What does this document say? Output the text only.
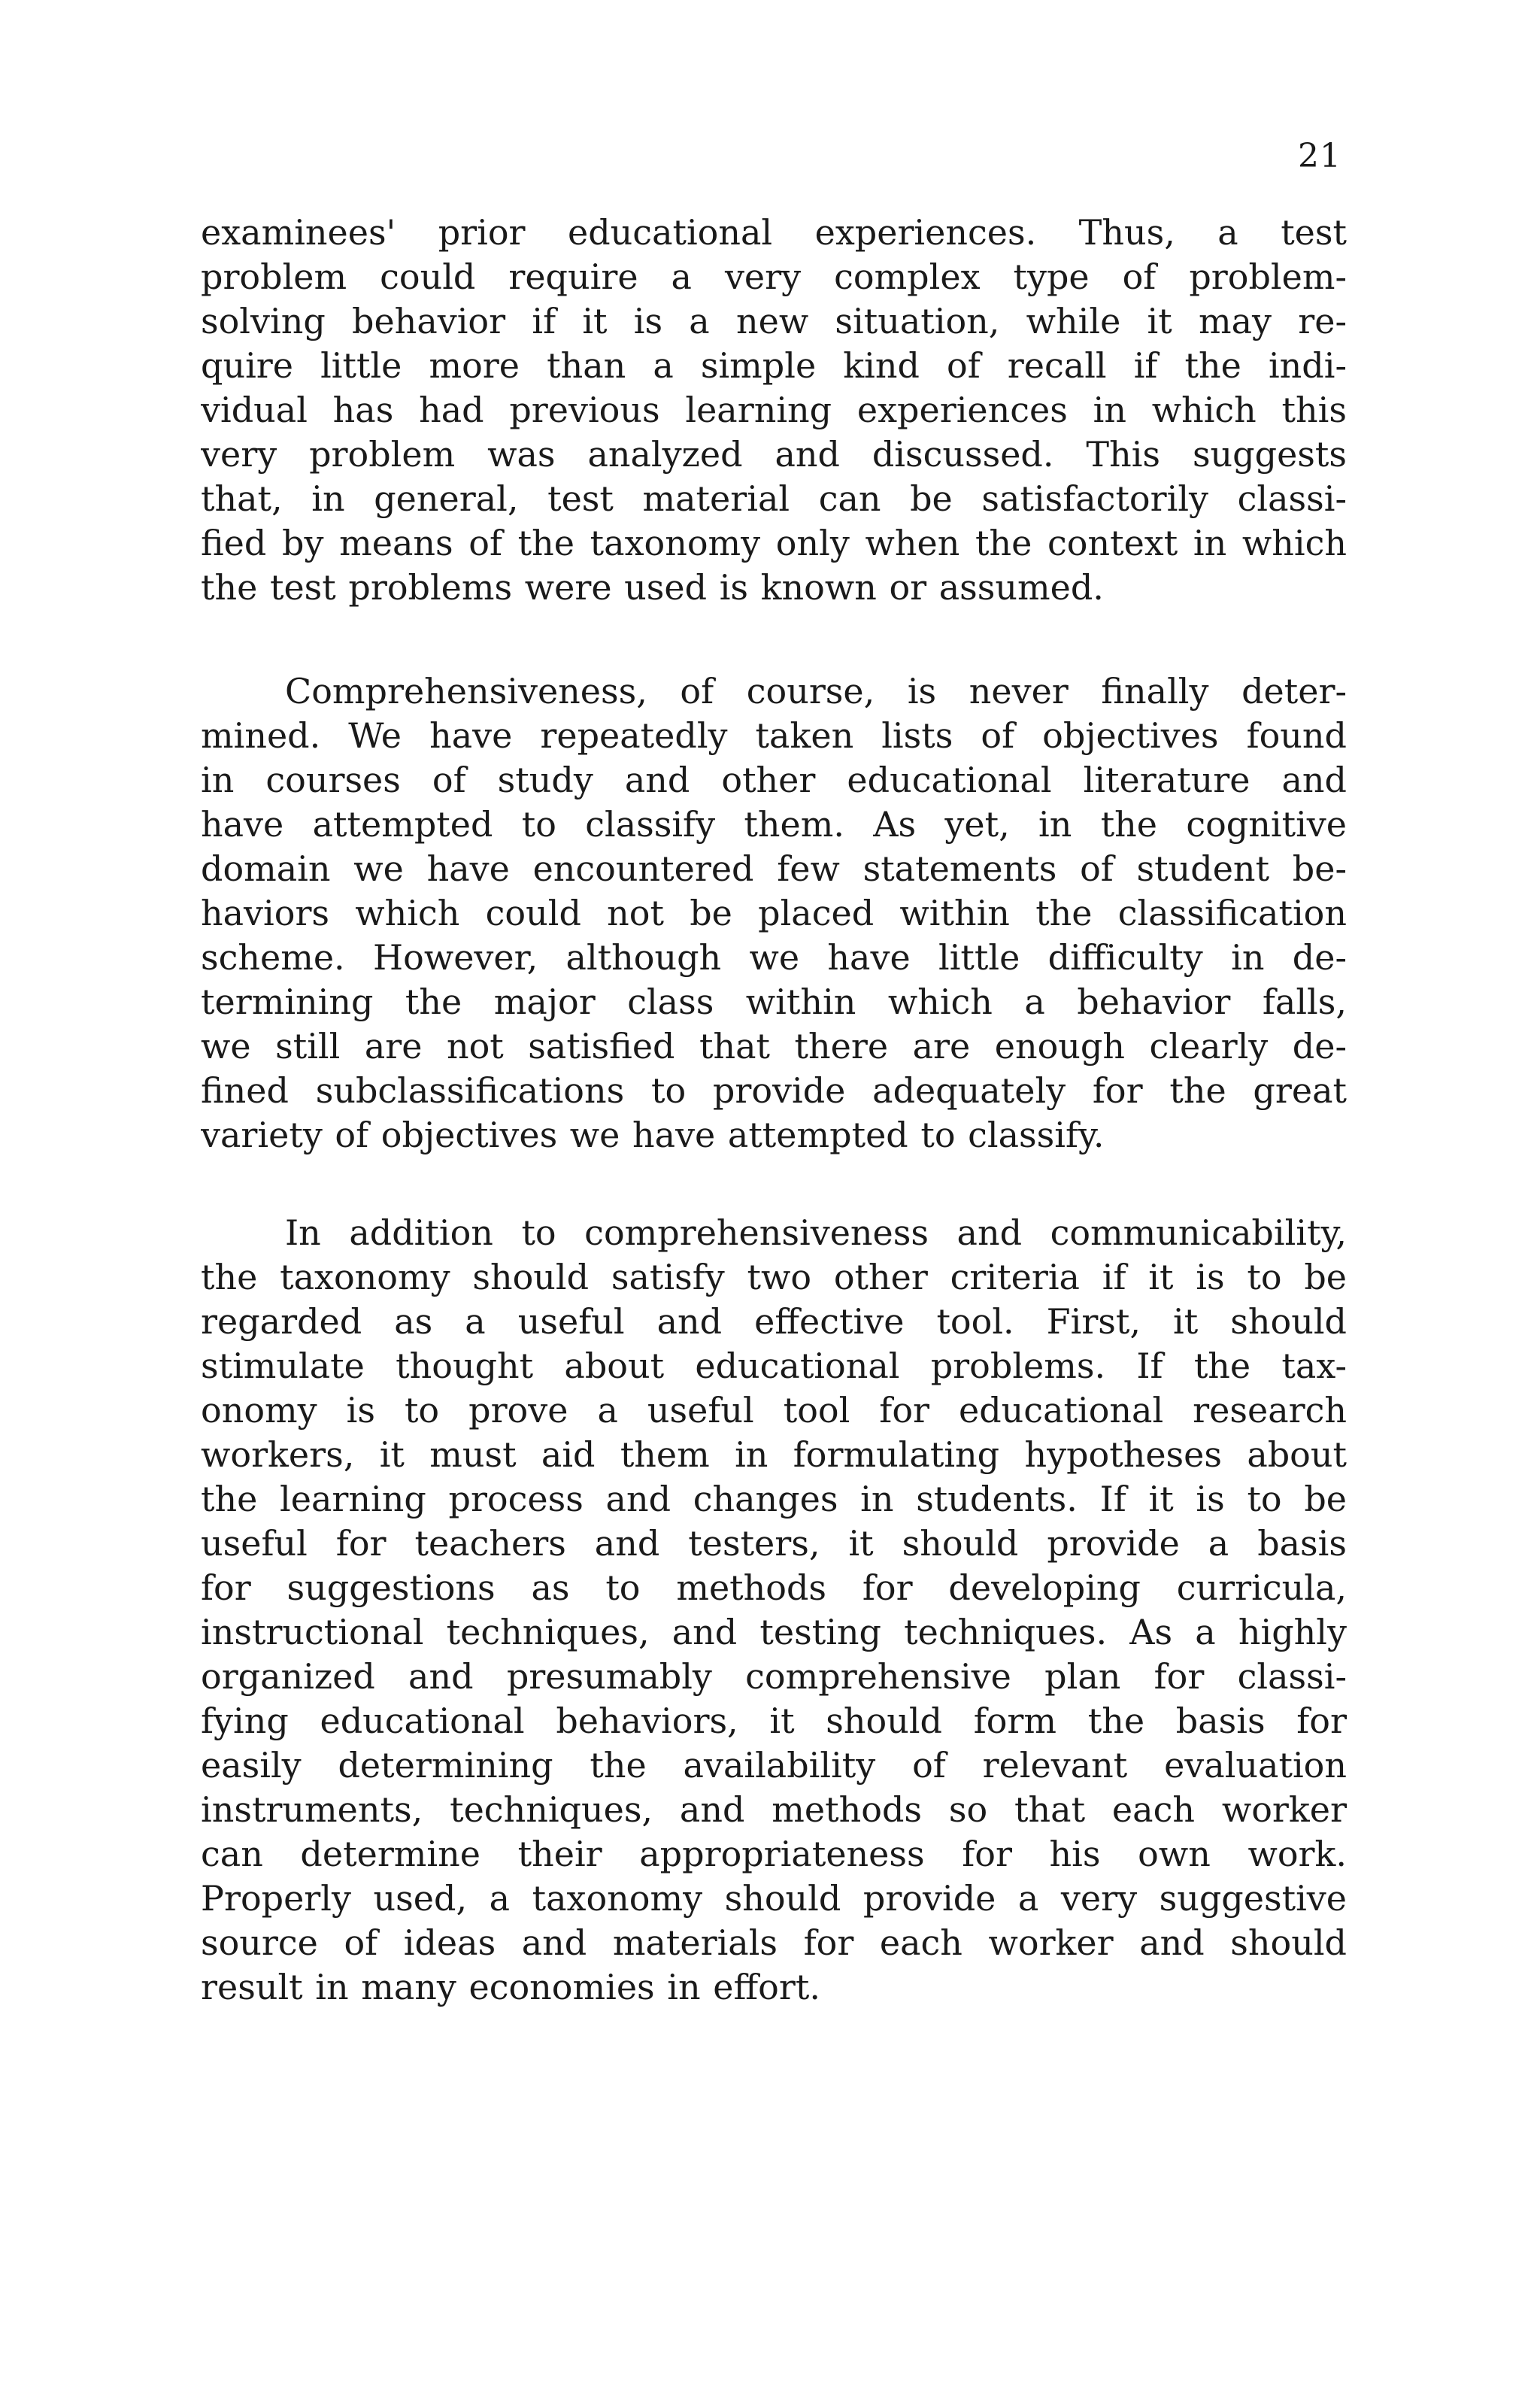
21

examinees' prior educational experiences. Thus, a test
problem could require a very complex type of problem-
solving behavior if it is a new situation, while it may re-
quire little more than a simple kind of recall if the indi-
vidual has had previous learning experiences in which this
very problem was analyzed and discussed. This suggests
that, in general, test material can be satisfactorily classi-
fied by means of the taxonomy only when the context in which
the test problems were used is known or assumed.

Comprehensiveness, of course, is never finally deter-
mined. We have repeatedly taken lists of objectives found
in courses of study and other educational literature and
have attempted to classify them. As yet, in the cognitive
domain we have encountered few statements of student be-
haviors which could not be placed within the classification
scheme. However, although we have little difficulty in de-
termining the major class within which a behavior falls,
we still are not satisfied that there are enough clearly de-
fined subclassifications to provide adequately for the great
variety of objectives we have attempted to classify.

In addition to comprehensiveness and communicability,
the taxonomy should satisfy two other criteria if it is to be
regarded as a useful and effective tool. First, it should
stimulate thought about educational problems. If the tax-
onomy is to prove a useful tool for educational research
workers, it must aid them in formulating hypotheses about
the learning process and changes in students. If it is to be
useful for teachers and testers, it should provide a basis
for suggestions as to methods for developing curricula,
instructional techniques, and testing techniques. As a highly
organized and presumably comprehensive plan for classi-
fying educational behaviors, it should form the basis for
easily determining the availability of relevant evaluation
instruments, techniques, and methods so that each worker
can determine their appropriateness for his own work.
Properly used, a taxonomy should provide a very suggestive
source of ideas and materials for each worker and should
result in many economies in effort.
